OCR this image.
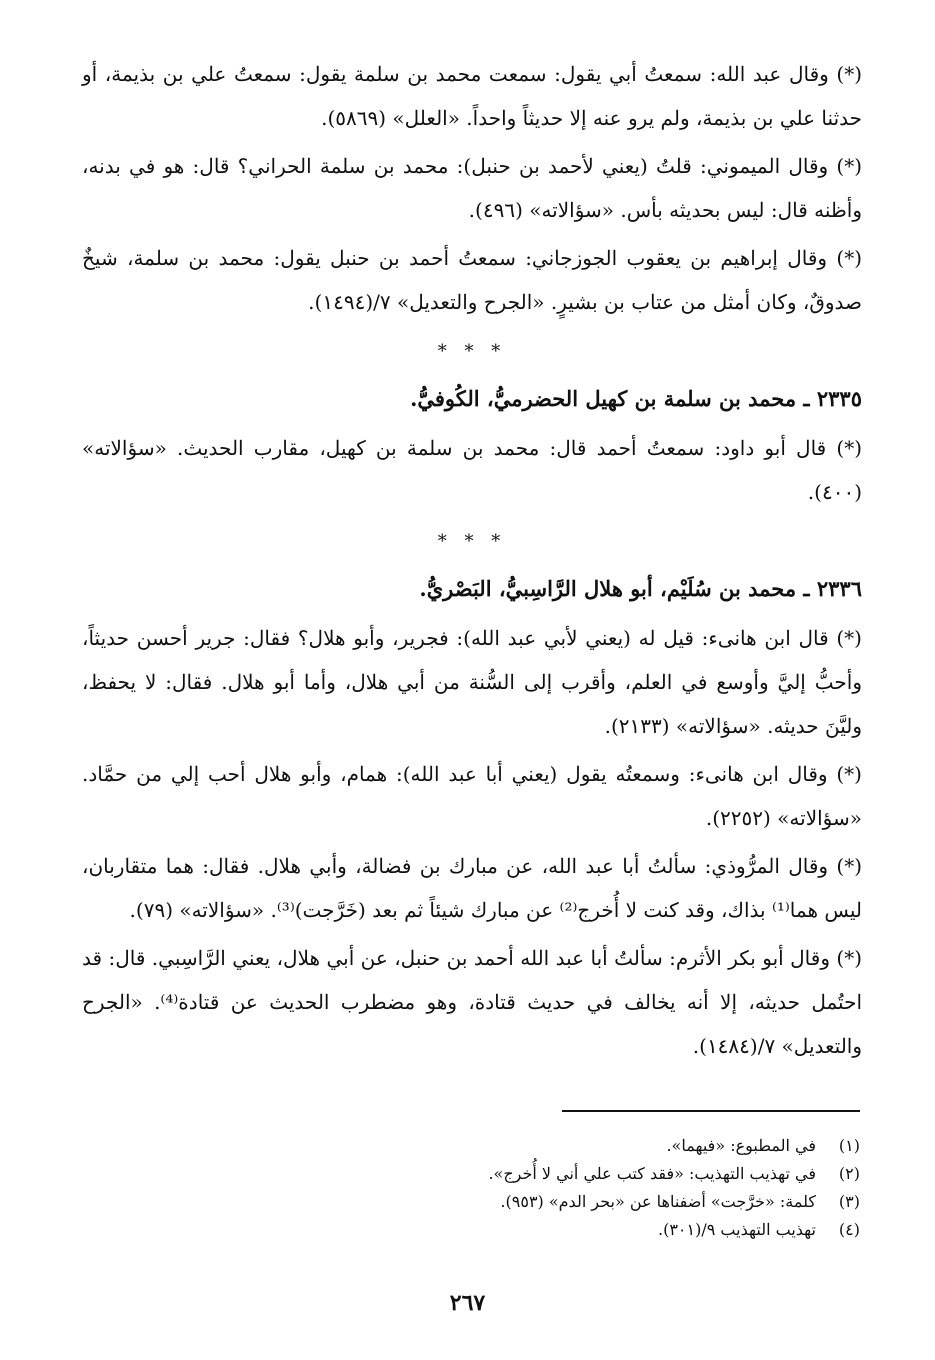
(*) وقال عبد الله: سمعتُ أبي يقول: سمعت محمد بن سلمة يقول: سمعتُ علي بن بذيمة، أو حدثنا علي بن بذيمة، ولم يرو عنه إلا حديثاً واحداً. «العلل» (٥٨٦٩).

(*) وقال الميموني: قلتُ (يعني لأحمد بن حنبل): محمد بن سلمة الحراني؟ قال: هو في بدنه، وأظنه قال: ليس بحديثه بأس. «سؤالاته» (٤٩٦).

(*) وقال إبراهيم بن يعقوب الجوزجاني: سمعتُ أحمد بن حنبل يقول: محمد بن سلمة، شيخٌ صدوقٌ، وكان أمثل من عتاب بن بشيرٍ. «الجرح والتعديل» ٧/(١٤٩٤).

* * *
٢٣٣٥ ـ محمد بن سلمة بن كهيل الحضرميُّ، الكُوفيُّ.

(*) قال أبو داود: سمعتُ أحمد قال: محمد بن سلمة بن كهيل، مقارب الحديث. «سؤالاته» (٤٠٠).

* * *
٢٣٣٦ ـ محمد بن سُلَيْم، أبو هلال الرَّاسِبيُّ، البَصْريُّ.

(*) قال ابن هانىء: قيل له (يعني لأبي عبد الله): فجرير، وأبو هلال؟ فقال: جرير أحسن حديثاً، وأحبُّ إليَّ وأوسع في العلم، وأقرب إلى السُّنة من أبي هلال، وأما أبو هلال. فقال: لا يحفظ، وليَّنَ حديثه. «سؤالاته» (٢١٣٣).

(*) وقال ابن هانىء: وسمعتُه يقول (يعني أبا عبد الله): همام، وأبو هلال أحب إلي من حمَّاد. «سؤالاته» (٢٢٥٢).

(*) وقال المرُّوذي: سألتُ أبا عبد الله، عن مبارك بن فضالة، وأبي هلال. فقال: هما متقاربان، ليس هما⁽¹⁾ بذاك، وقد كنت لا أُخرج⁽²⁾ عن مبارك شيئاً ثم بعد (خَرَّجت)⁽³⁾. «سؤالاته» (٧٩).

(*) وقال أبو بكر الأثرم: سألتُ أبا عبد الله أحمد بن حنبل، عن أبي هلال، يعني الرَّاسِبي. قال: قد احتُمل حديثه، إلا أنه يخالف في حديث قتادة، وهو مضطرب الحديث عن قتادة⁽⁴⁾. «الجرح والتعديل» ٧/(١٤٨٤).

(١)في المطبوع: «فيهما».
(٢)في تهذيب التهذيب: «فقد كتب علي أني لا أُخرج».
(٣)كلمة: «خرَّجت» أضفناها عن «بحر الدم» (٩٥٣).
(٤)تهذيب التهذيب ٩/(٣٠١).
٢٦٧
